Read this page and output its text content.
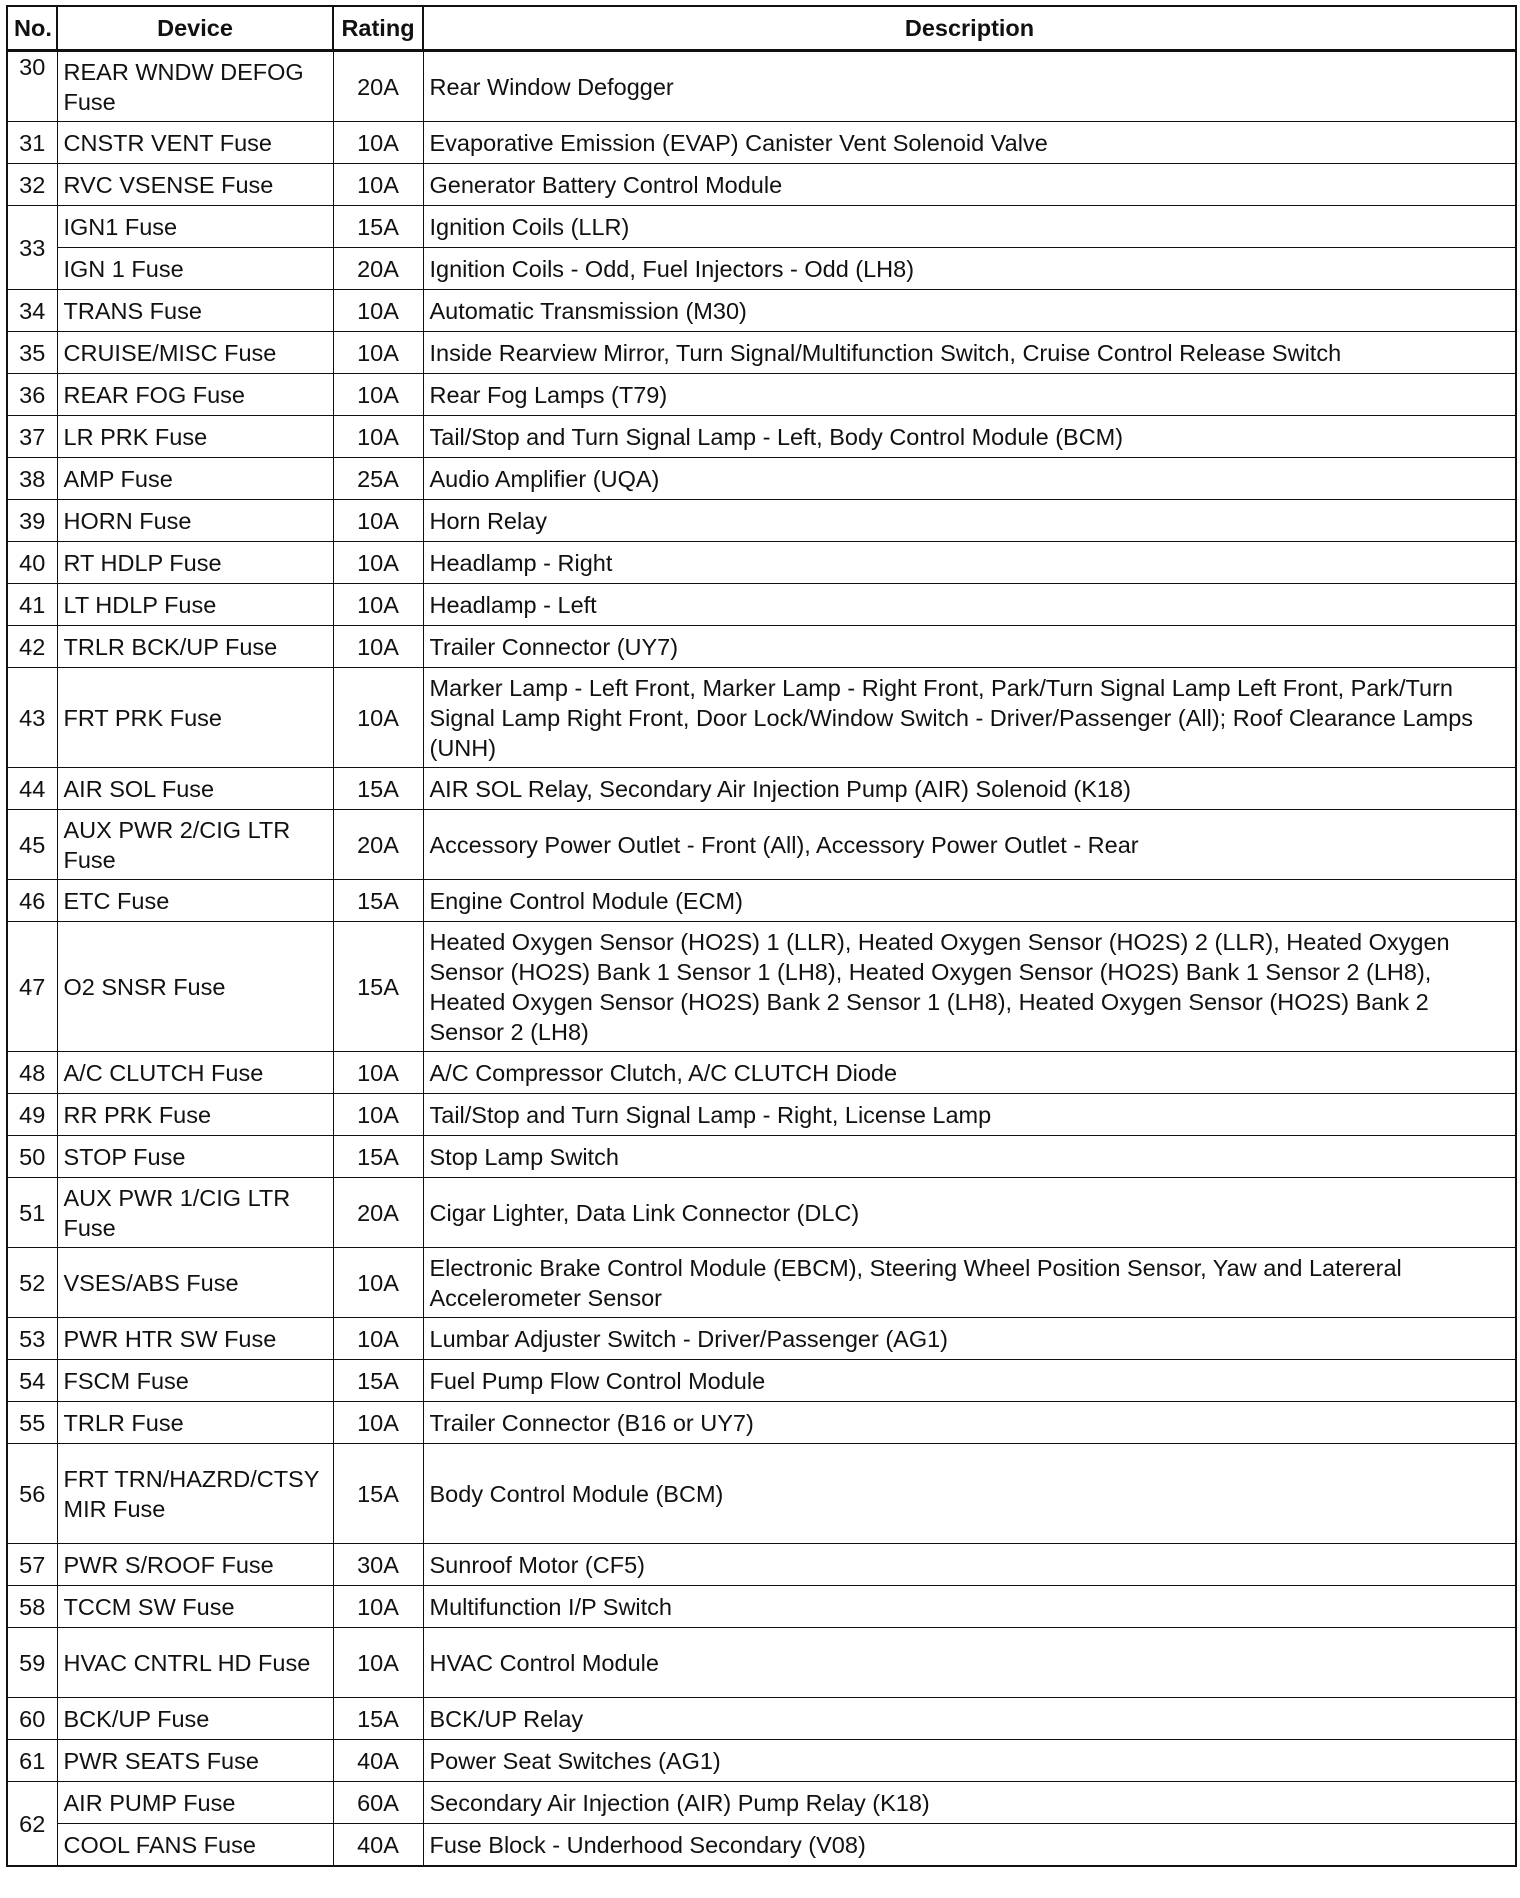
No.	Device	Rating	Description
30	REAR WNDW DEFOG Fuse	20A	Rear Window Defogger
31	CNSTR VENT Fuse	10A	Evaporative Emission (EVAP) Canister Vent Solenoid Valve
32	RVC VSENSE Fuse	10A	Generator Battery Control Module
33	IGN1 Fuse	15A	Ignition Coils (LLR)
	IGN 1 Fuse	20A	Ignition Coils - Odd, Fuel Injectors - Odd (LH8)
34	TRANS Fuse	10A	Automatic Transmission (M30)
35	CRUISE/MISC Fuse	10A	Inside Rearview Mirror, Turn Signal/Multifunction Switch, Cruise Control Release Switch
36	REAR FOG Fuse	10A	Rear Fog Lamps (T79)
37	LR PRK Fuse	10A	Tail/Stop and Turn Signal Lamp - Left, Body Control Module (BCM)
38	AMP Fuse	25A	Audio Amplifier (UQA)
39	HORN Fuse	10A	Horn Relay
40	RT HDLP Fuse	10A	Headlamp - Right
41	LT HDLP Fuse	10A	Headlamp - Left
42	TRLR BCK/UP Fuse	10A	Trailer Connector (UY7)
43	FRT PRK Fuse	10A	Marker Lamp - Left Front, Marker Lamp - Right Front, Park/Turn Signal Lamp Left Front, Park/Turn Signal Lamp Right Front, Door Lock/Window Switch - Driver/Passenger (All); Roof Clearance Lamps (UNH)
44	AIR SOL Fuse	15A	AIR SOL Relay, Secondary Air Injection Pump (AIR) Solenoid (K18)
45	AUX PWR 2/CIG LTR Fuse	20A	Accessory Power Outlet - Front (All), Accessory Power Outlet - Rear
46	ETC Fuse	15A	Engine Control Module (ECM)
47	O2 SNSR Fuse	15A	Heated Oxygen Sensor (HO2S) 1 (LLR), Heated Oxygen Sensor (HO2S) 2 (LLR), Heated Oxygen Sensor (HO2S) Bank 1 Sensor 1 (LH8), Heated Oxygen Sensor (HO2S) Bank 1 Sensor 2 (LH8), Heated Oxygen Sensor (HO2S) Bank 2 Sensor 1 (LH8), Heated Oxygen Sensor (HO2S) Bank 2 Sensor 2 (LH8)
48	A/C CLUTCH Fuse	10A	A/C Compressor Clutch, A/C CLUTCH Diode
49	RR PRK Fuse	10A	Tail/Stop and Turn Signal Lamp - Right, License Lamp
50	STOP Fuse	15A	Stop Lamp Switch
51	AUX PWR 1/CIG LTR Fuse	20A	Cigar Lighter, Data Link Connector (DLC)
52	VSES/ABS Fuse	10A	Electronic Brake Control Module (EBCM), Steering Wheel Position Sensor, Yaw and Latereral Accelerometer Sensor
53	PWR HTR SW Fuse	10A	Lumbar Adjuster Switch - Driver/Passenger (AG1)
54	FSCM Fuse	15A	Fuel Pump Flow Control Module
55	TRLR Fuse	10A	Trailer Connector (B16 or UY7)
56	FRT TRN/HAZRD/CTSY MIR Fuse	15A	Body Control Module (BCM)
57	PWR S/ROOF Fuse	30A	Sunroof Motor (CF5)
58	TCCM SW Fuse	10A	Multifunction I/P Switch
59	HVAC CNTRL HD Fuse	10A	HVAC Control Module
60	BCK/UP Fuse	15A	BCK/UP Relay
61	PWR SEATS Fuse	40A	Power Seat Switches (AG1)
62	AIR PUMP Fuse	60A	Secondary Air Injection (AIR) Pump Relay (K18)
	COOL FANS Fuse	40A	Fuse Block - Underhood Secondary (V08)
